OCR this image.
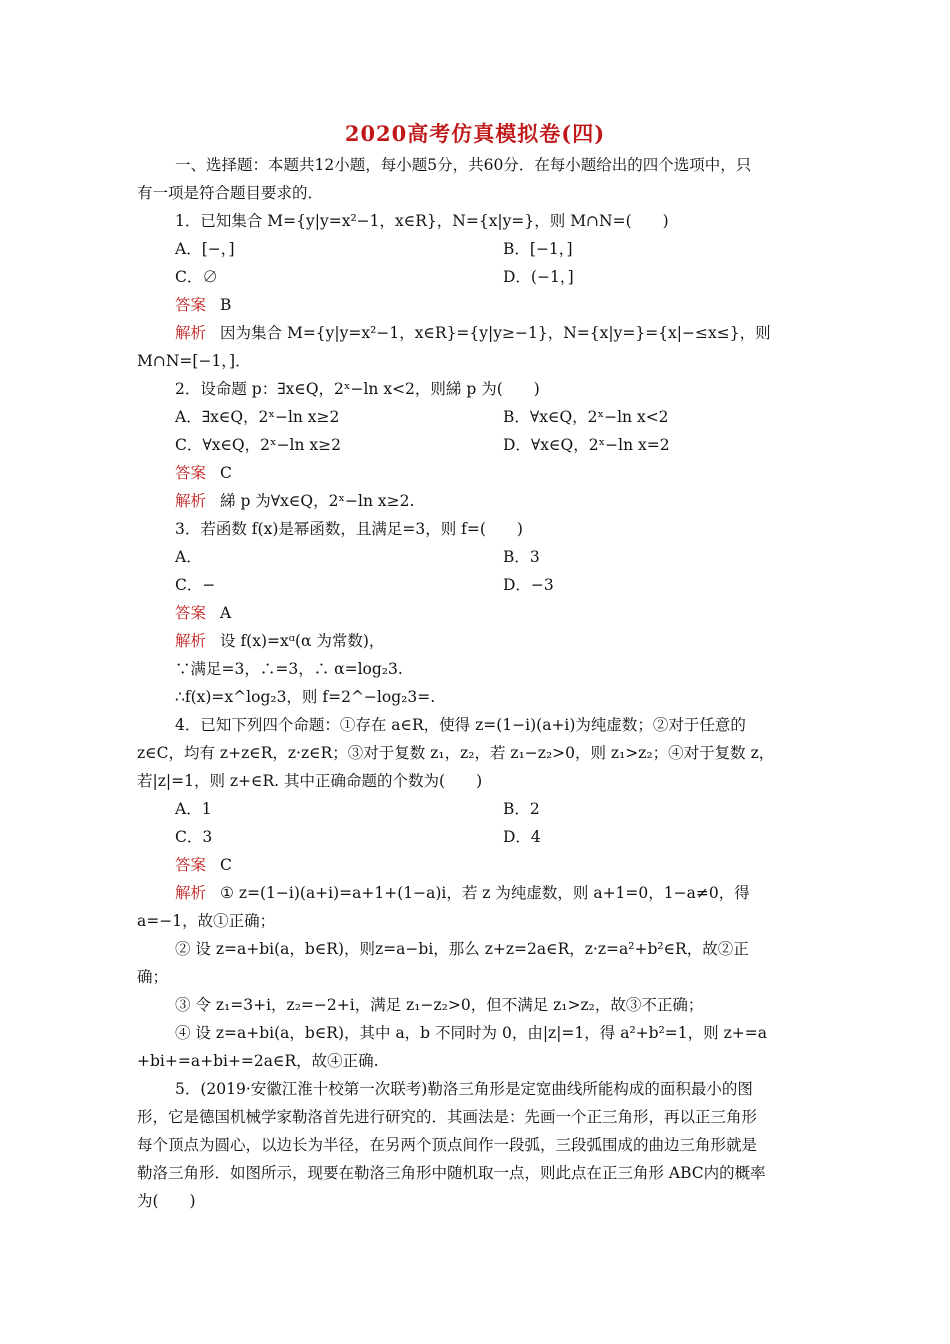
2020高考仿真模拟卷(四)
一、选择题：本题共12小题，每小题5分，共60分．在每小题给出的四个选项中，只
有一项是符合题目要求的．
1．已知集合 M={y|y=x²−1，x∈R}，N={x|y=}，则 M∩N=(　　)
A．[−，]	B．[−1，]
C．∅	D．(−1，]
答案 B
解析 因为集合 M={y|y=x²−1，x∈R}={y|y≥−1}，N={x|y=}={x|−≤x≤}，则
M∩N=[−1，]．
2．设命题 p：∃x∈Q，2ˣ−ln x<2，则綈 p 为(　　)
A．∃x∈Q，2ˣ−ln x≥2	B．∀x∈Q，2ˣ−ln x<2
C．∀x∈Q，2ˣ−ln x≥2	D．∀x∈Q，2ˣ−ln x=2
答案 C
解析 綈 p 为∀x∈Q，2ˣ−ln x≥2.
3．若函数 f(x)是幂函数，且满足=3，则 f=(　　)
A．	B．3
C．−	D．−3
答案 A
解析 设 f(x)=xᵅ(α 为常数)，
∵满足=3，∴=3，∴ α=log₂3.
∴f(x)=x^log₂3，则 f=2^−log₂3=.
4．已知下列四个命题：①存在 a∈R，使得 z=(1−i)(a+i)为纯虚数；②对于任意的
z∈C，均有 z+z∈R，z·z∈R；③对于复数 z₁，z₂，若 z₁−z₂>0，则 z₁>z₂；④对于复数 z，
若|z|=1，则 z+∈R. 其中正确命题的个数为(　　)
A．1	B．2
C．3	D．4
答案 C
解析 ① z=(1−i)(a+i)=a+1+(1−a)i，若 z 为纯虚数，则 a+1=0，1−a≠0，得
a=−1，故①正确；
② 设 z=a+bi(a，b∈R)，则z=a−bi，那么 z+z=2a∈R，z·z=a²+b²∈R，故②正
确；
③ 令 z₁=3+i，z₂=−2+i，满足 z₁−z₂>0，但不满足 z₁>z₂，故③不正确；
④ 设 z=a+bi(a，b∈R)，其中 a，b 不同时为 0，由|z|=1，得 a²+b²=1，则 z+=a
+bi+=a+bi+=2a∈R，故④正确.
5．(2019·安徽江淮十校第一次联考)勒洛三角形是定宽曲线所能构成的面积最小的图
形，它是德国机械学家勒洛首先进行研究的．其画法是：先画一个正三角形，再以正三角形
每个顶点为圆心，以边长为半径，在另两个顶点间作一段弧，三段弧围成的曲边三角形就是
勒洛三角形．如图所示，现要在勒洛三角形中随机取一点，则此点在正三角形 ABC内的概率
为(　　)
